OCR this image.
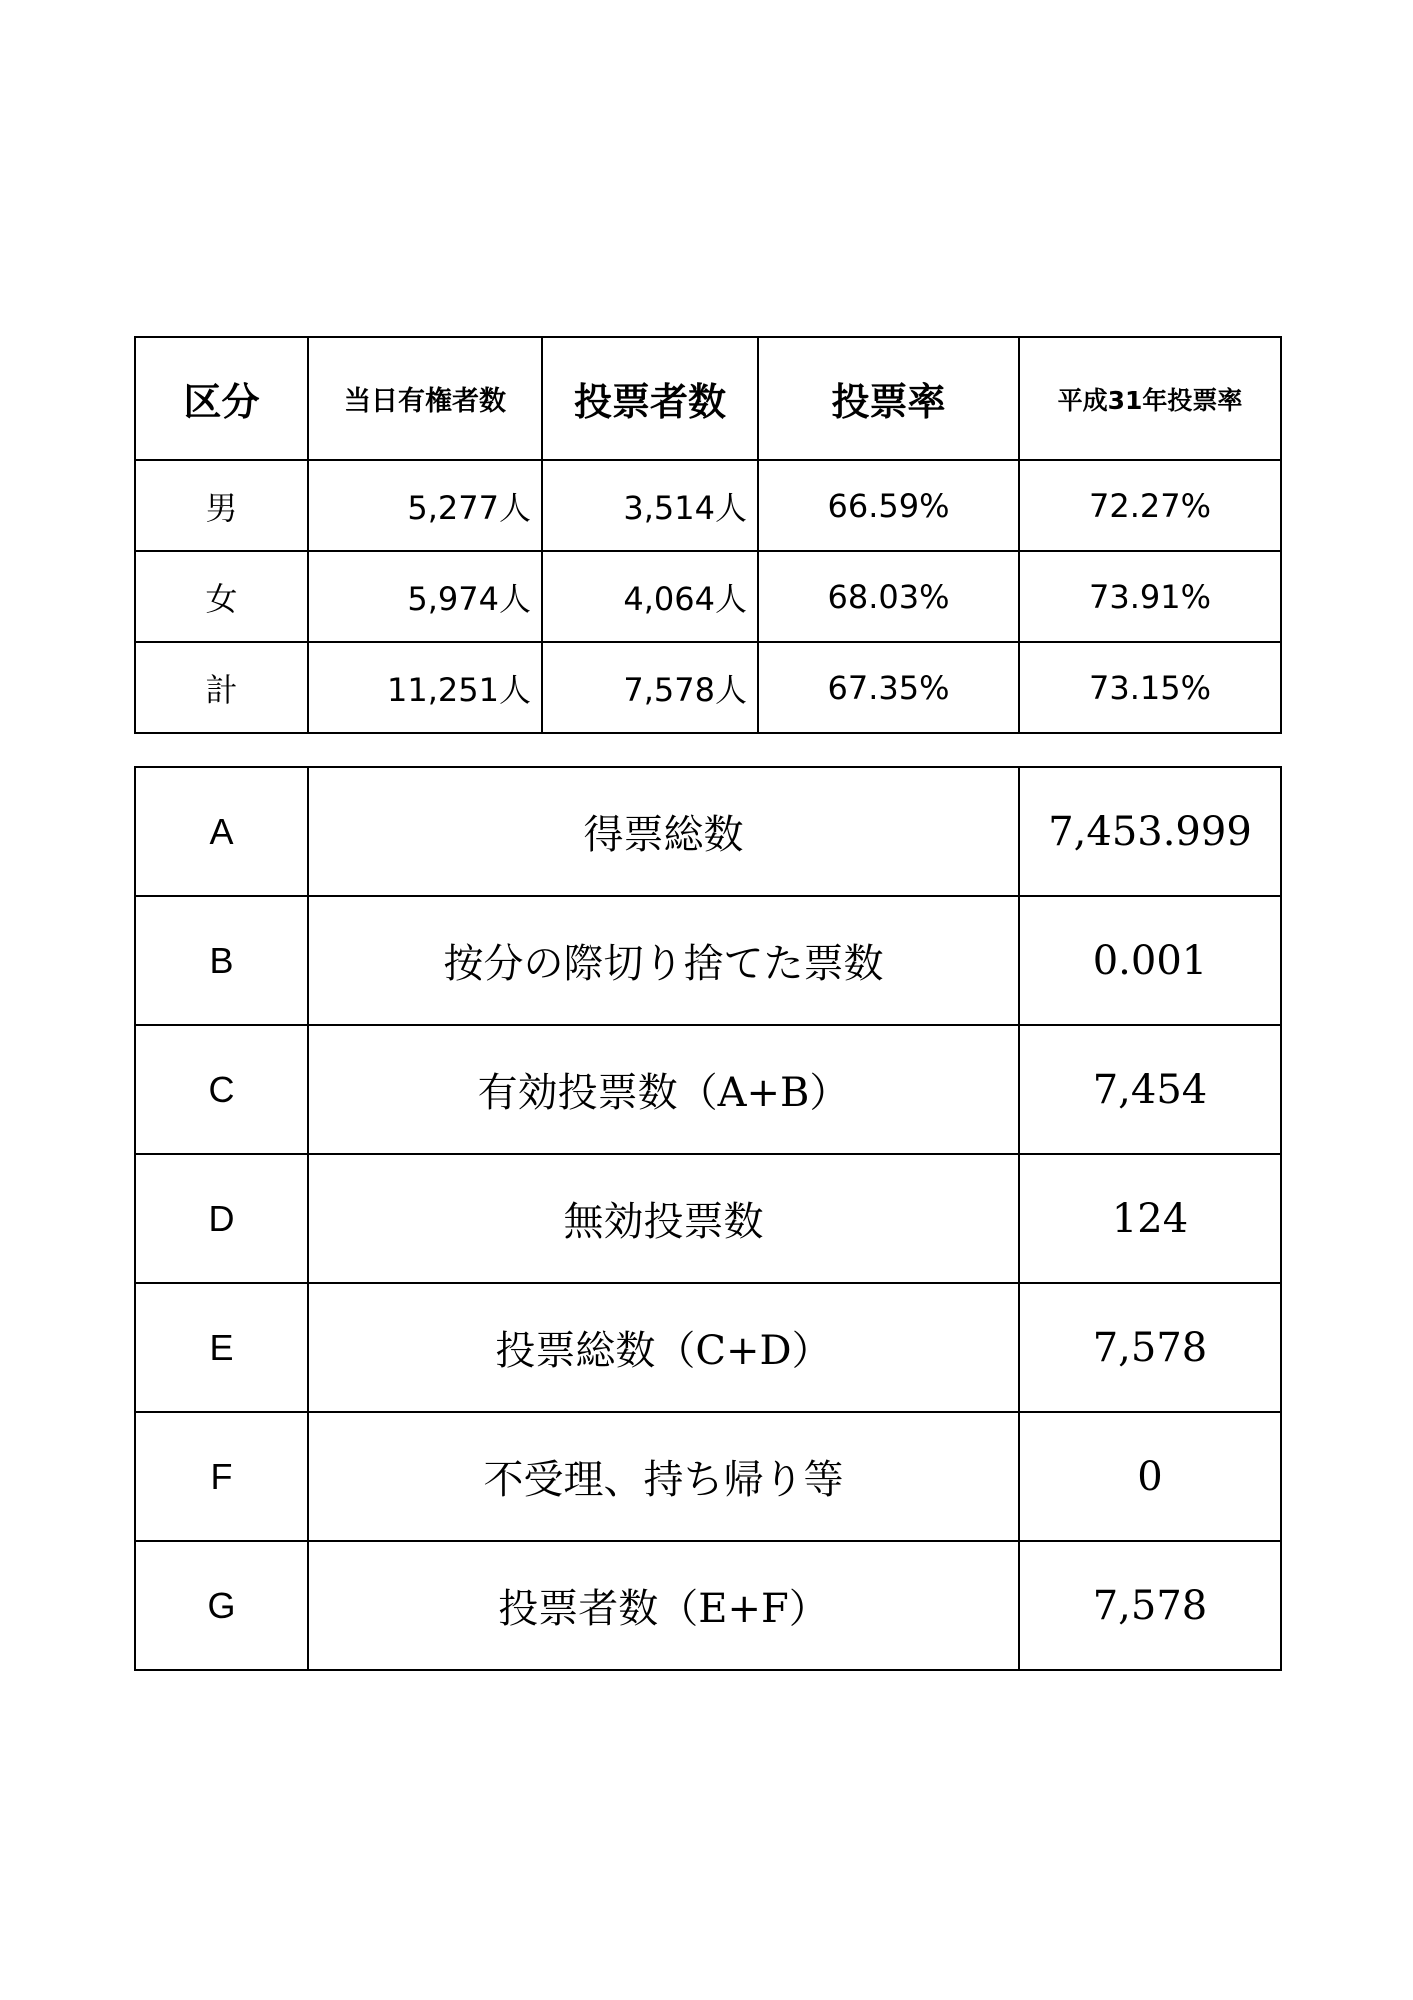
区分	当日有権者数	投票者数	投票率	平成31年投票率
男	5,277人	3,514人	66.59%	72.27%
女	5,974人	4,064人	68.03%	73.91%
計	11,251人	7,578人	67.35%	73.15%
A	得票総数	7,453.999
B	按分の際切り捨てた票数	0.001
C	有効投票数（A+B）	7,454
D	無効投票数	124
E	投票総数（C+D）	7,578
F	不受理、持ち帰り等	0
G	投票者数（E+F）	7,578
